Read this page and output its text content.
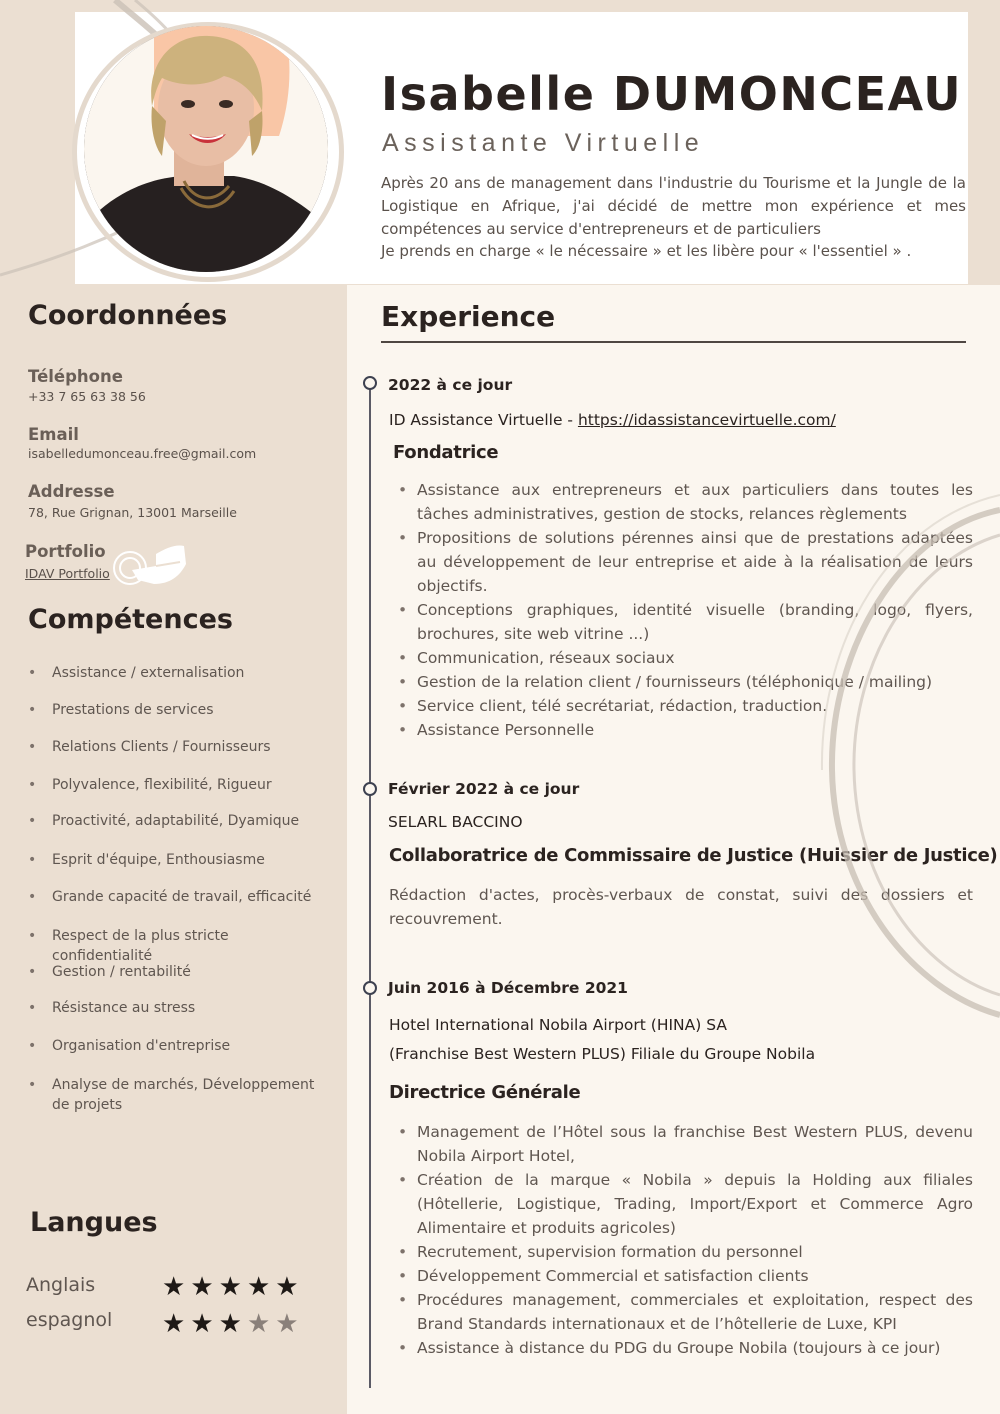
Isabelle DUMONCEAU
Assistante Virtuelle

Après 20 ans de management dans l'industrie du Tourisme et la Jungle de la Logistique en Afrique, j'ai décidé de mettre mon expérience et mes compétences au service d'entrepreneurs et de particuliers

Je prends en charge « le nécessaire » et les libère pour « l'essentiel » .

Coordonnées
Téléphone
+33 7 65 63 38 56
Email
isabelledumonceau.free@gmail.com
Addresse
78, Rue Grignan, 13001 Marseille
Portfolio
IDAV Portfolio
Compétences
• Assistance / externalisation
• Prestations de services
• Relations Clients / Fournisseurs
• Polyvalence, flexibilité, Rigueur
• Proactivité, adaptabilité, Dyamique
• Esprit d'équipe, Enthousiasme
• Grande capacité de travail, efficacité
• Respect de la plus stricte confidentialité
• Gestion / rentabilité
• Résistance au stress
• Organisation d'entreprise
• Analyse de marchés, Développement de projets
Langues
Anglais	★★★★★
espagnol ★★★★★
Experience
2022 à ce jour
ID Assistance Virtuelle - https://idassistancevirtuelle.com/
Fondatrice
• Assistance aux entrepreneurs et aux particuliers dans toutes les tâches administratives, gestion de stocks, relances règlements
• Propositions de solutions pérennes ainsi que de prestations adaptées au développement de leur entreprise et aide à la réalisation de leurs objectifs.
• Conceptions graphiques, identité visuelle (branding, logo, flyers, brochures, site web vitrine ...)
• Communication, réseaux sociaux
• Gestion de la relation client / fournisseurs (téléphonique / mailing)
• Service client, télé secrétariat, rédaction, traduction.
• Assistance Personnelle
Février 2022 à ce jour
SELARL BACCINO
Collaboratrice de Commissaire de Justice (Huissier de Justice)
Rédaction d'actes, procès-verbaux de constat, suivi des dossiers et recouvrement.
Juin 2016 à Décembre 2021
Hotel International Nobila Airport (HINA) SA
(Franchise Best Western PLUS) Filiale du Groupe Nobila
Directrice Générale
• Management de l’Hôtel sous la franchise Best Western PLUS, devenu Nobila Airport Hotel,
• Création de la marque « Nobila » depuis la Holding aux filiales (Hôtellerie, Logistique, Trading, Import/Export et Commerce Agro Alimentaire et produits agricoles)
• Recrutement, supervision formation du personnel
• Développement Commercial et satisfaction clients
• Procédures management, commerciales et exploitation, respect des Brand Standards internationaux et de l’hôtellerie de Luxe, KPI
• Assistance à distance du PDG du Groupe Nobila (toujours à ce jour)
